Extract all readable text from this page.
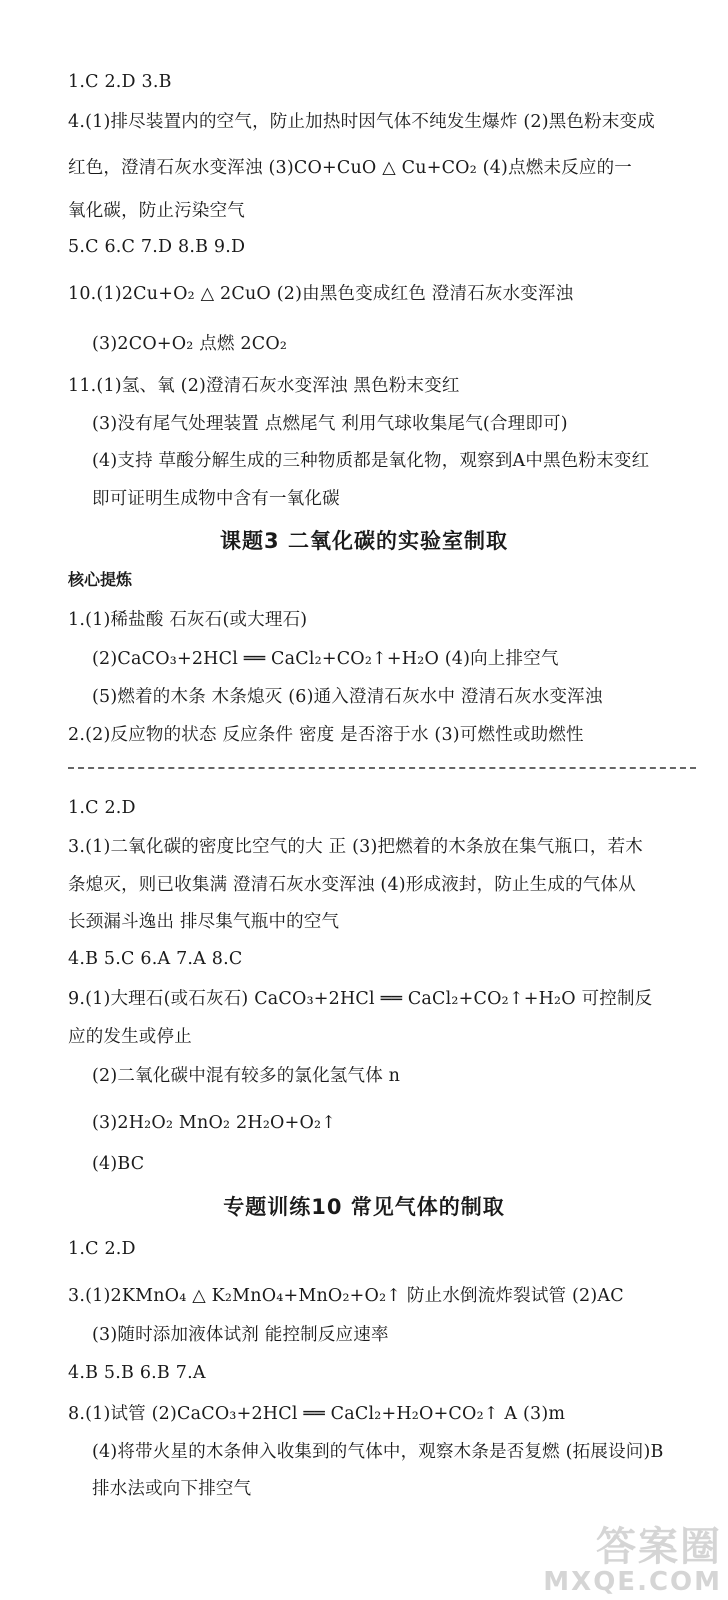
1.C 2.D 3.B
4.(1)排尽装置内的空气，防止加热时因气体不纯发生爆炸 (2)黑色粉末变成
红色，澄清石灰水变浑浊 (3)CO+CuO △ Cu+CO₂ (4)点燃未反应的一
氧化碳，防止污染空气
5.C 6.C 7.D 8.B 9.D
10.(1)2Cu+O₂ △ 2CuO (2)由黑色变成红色 澄清石灰水变浑浊
(3)2CO+O₂ 点燃 2CO₂
11.(1)氢、氧 (2)澄清石灰水变浑浊 黑色粉末变红
(3)没有尾气处理装置 点燃尾气 利用气球收集尾气(合理即可)
(4)支持 草酸分解生成的三种物质都是氧化物，观察到A中黑色粉末变红
即可证明生成物中含有一氧化碳
课题3 二氧化碳的实验室制取
核心提炼
1.(1)稀盐酸 石灰石(或大理石)
(2)CaCO₃+2HCl ══ CaCl₂+CO₂↑+H₂O (4)向上排空气
(5)燃着的木条 木条熄灭 (6)通入澄清石灰水中 澄清石灰水变浑浊
2.(2)反应物的状态 反应条件 密度 是否溶于水 (3)可燃性或助燃性
1.C 2.D
3.(1)二氧化碳的密度比空气的大 正 (3)把燃着的木条放在集气瓶口，若木
条熄灭，则已收集满 澄清石灰水变浑浊 (4)形成液封，防止生成的气体从
长颈漏斗逸出 排尽集气瓶中的空气
4.B 5.C 6.A 7.A 8.C
9.(1)大理石(或石灰石) CaCO₃+2HCl ══ CaCl₂+CO₂↑+H₂O 可控制反
应的发生或停止
(2)二氧化碳中混有较多的氯化氢气体 n
(3)2H₂O₂ MnO₂ 2H₂O+O₂↑
(4)BC
专题训练10 常见气体的制取
1.C 2.D
3.(1)2KMnO₄ △ K₂MnO₄+MnO₂+O₂↑ 防止水倒流炸裂试管 (2)AC
(3)随时添加液体试剂 能控制反应速率
4.B 5.B 6.B 7.A
8.(1)试管 (2)CaCO₃+2HCl ══ CaCl₂+H₂O+CO₂↑ A (3)m
(4)将带火星的木条伸入收集到的气体中，观察木条是否复燃 (拓展设问)B
排水法或向下排空气
答案圈
MXQE.COM
